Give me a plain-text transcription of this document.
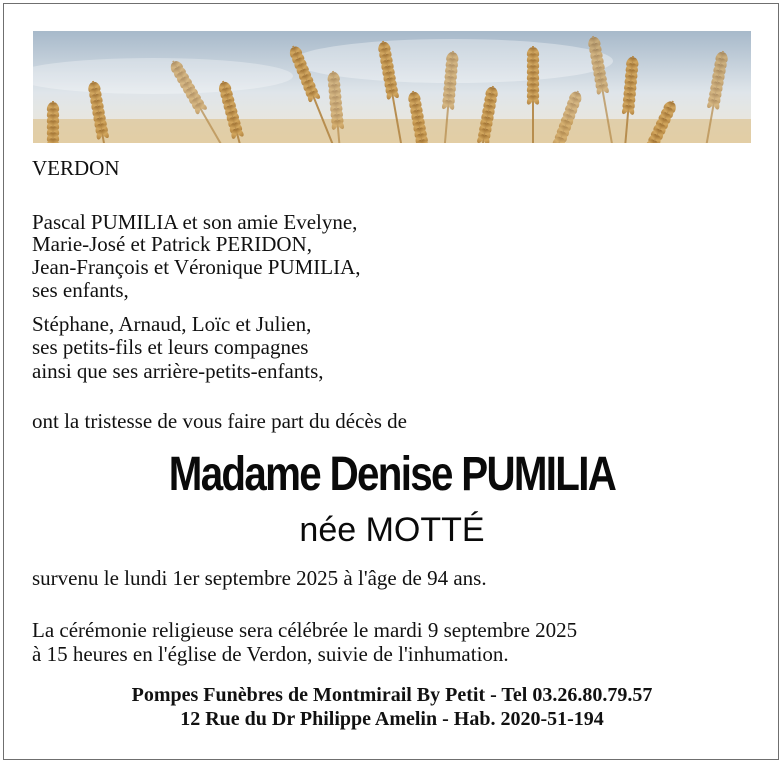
VERDON
Pascal PUMILIA et son amie Evelyne,
Marie-José et Patrick PERIDON,
Jean-François et Véronique PUMILIA,
ses enfants,
Stéphane, Arnaud, Loïc et Julien,
ses petits-fils et leurs compagnes
ainsi que ses arrière-petits-enfants,
ont la tristesse de vous faire part du décès de
Madame Denise PUMILIA
née MOTTÉ
survenu le lundi 1er septembre 2025 à l'âge de 94 ans.
La cérémonie religieuse sera célébrée le mardi 9 septembre 2025
à 15 heures en l'église de Verdon, suivie de l'inhumation.
Pompes Funèbres de Montmirail By Petit - Tel 03.26.80.79.57
12 Rue du Dr Philippe Amelin - Hab. 2020-51-194
